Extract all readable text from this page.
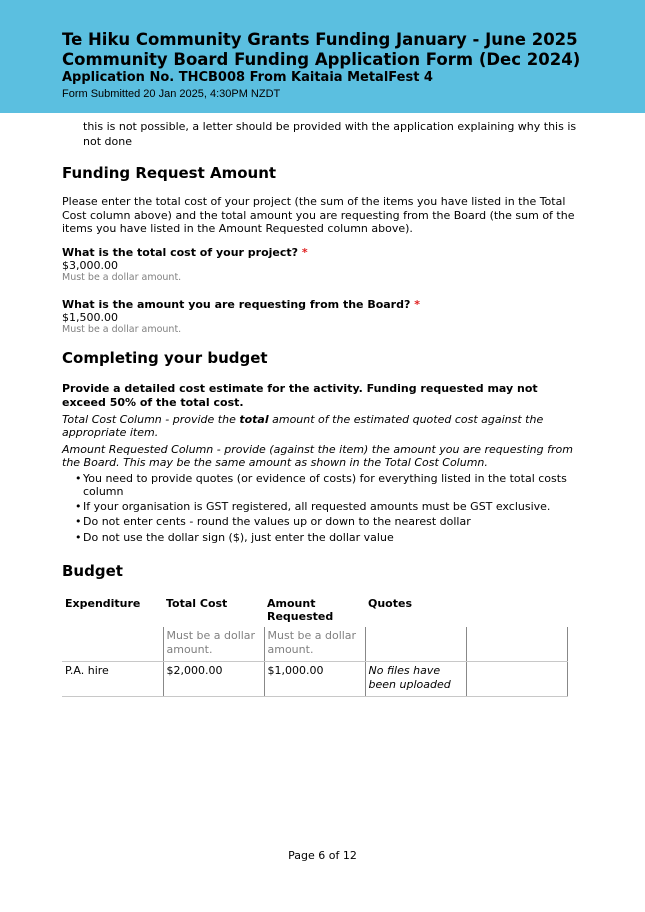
Te Hiku Community Grants Funding January - June 2025
Community Board Funding Application Form (Dec 2024)
Application No. THCB008 From Kaitaia MetalFest 4
Form Submitted 20 Jan 2025, 4:30PM NZDT
this is not possible, a letter should be provided with the application explaining why this is not done
Funding Request Amount
Please enter the total cost of your project (the sum of the items you have listed in the Total Cost column above) and the total amount you are requesting from the Board (the sum of the items you have listed in the Amount Requested column above).
What is the total cost of your project? *
$3,000.00
Must be a dollar amount.
What is the amount you are requesting from the Board? *
$1,500.00
Must be a dollar amount.
Completing your budget
Provide a detailed cost estimate for the activity. Funding requested may not exceed 50% of the total cost.
Total Cost Column - provide the total amount of the estimated quoted cost against the appropriate item.
Amount Requested Column - provide (against the item) the amount you are requesting from the Board. This may be the same amount as shown in the Total Cost Column.
• You need to provide quotes (or evidence of costs) for everything listed in the total costs column
• If your organisation is GST registered, all requested amounts must be GST exclusive.
• Do not enter cents - round the values up or down to the nearest dollar
• Do not use the dollar sign ($), just enter the dollar value
Budget
Expenditure	Total Cost	Amount Requested	Quotes	
	Must be a dollar amount.	Must be a dollar amount.		
P.A. hire	$2,000.00	$1,000.00	No files have been uploaded	
Page 6 of 12
